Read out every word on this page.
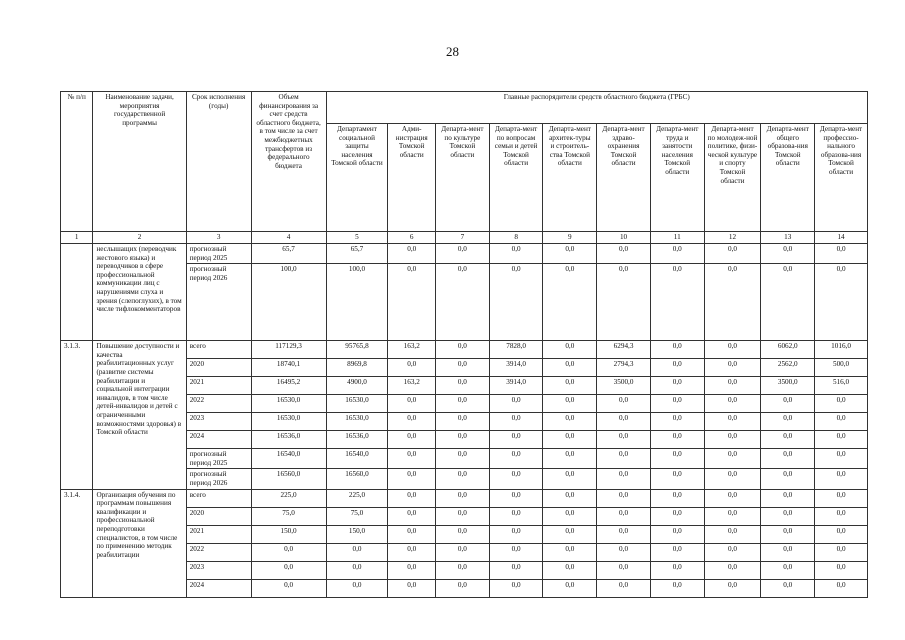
28
№ п/п	Наименование задачи, мероприятия государственной программы	Срок исполнения (годы)	Объем финансирования за счет средств областного бюджета, в том числе за счет межбюджетных трансфертов из федерального бюджета	Главные распорядители средств областного бюджета (ГРБС)									
				Департамент социальной защиты населения Томской области	Адми-нистрация Томской области	Департа-мент по культуре Томской области	Департа-мент по вопросам семьи и детей Томской области	Департа-мент архитек-туры и строитель-ства Томской области	Департа-мент здраво-охранения Томской области	Департа-мент труда и занятости населения Томской области	Департа-мент по молодеж-ной политике, физи-ческой культуре и спорту Томской области	Департа-мент общего образова-ния Томской области	Департа-мент профессио-нального образова-ния Томской области
1	2	3	4	5	6	7	8	9	10	11	12	13	14
	неслышащих (переводчик жестового языка) и переводчиков в сфере профессиональной коммуникации лиц с нарушениями слуха и зрения (слепоглухих), в том числе тифлокомментаторов	прогнозный период 2025	65,7	65,7	0,0	0,0	0,0	0,0	0,0	0,0	0,0	0,0	0,0
		прогнозный период 2026	100,0	100,0	0,0	0,0	0,0	0,0	0,0	0,0	0,0	0,0	0,0
3.1.3.	Повышение доступности и качества реабилитационных услуг (развитие системы реабилитации и социальной интеграции инвалидов, в том числе детей-инвалидов и детей с ограниченными возможностями здоровья) в Томской области	всего	117129,3	95765,8	163,2	0,0	7828,0	0,0	6294,3	0,0	0,0	6062,0	1016,0
		2020	18740,1	8969,8	0,0	0,0	3914,0	0,0	2794,3	0,0	0,0	2562,0	500,0
		2021	16495,2	4900,0	163,2	0,0	3914,0	0,0	3500,0	0,0	0,0	3500,0	516,0
		2022	16530,0	16530,0	0,0	0,0	0,0	0,0	0,0	0,0	0,0	0,0	0,0
		2023	16530,0	16530,0	0,0	0,0	0,0	0,0	0,0	0,0	0,0	0,0	0,0
		2024	16536,0	16536,0	0,0	0,0	0,0	0,0	0,0	0,0	0,0	0,0	0,0
		прогнозный период 2025	16540,0	16540,0	0,0	0,0	0,0	0,0	0,0	0,0	0,0	0,0	0,0
		прогнозный период 2026	16560,0	16560,0	0,0	0,0	0,0	0,0	0,0	0,0	0,0	0,0	0,0
3.1.4.	Организация обучения по программам повышения квалификации и профессиональной переподготовки специалистов, в том числе по применению методик реабилитации	всего	225,0	225,0	0,0	0,0	0,0	0,0	0,0	0,0	0,0	0,0	0,0
		2020	75,0	75,0	0,0	0,0	0,0	0,0	0,0	0,0	0,0	0,0	0,0
		2021	150,0	150,0	0,0	0,0	0,0	0,0	0,0	0,0	0,0	0,0	0,0
		2022	0,0	0,0	0,0	0,0	0,0	0,0	0,0	0,0	0,0	0,0	0,0
		2023	0,0	0,0	0,0	0,0	0,0	0,0	0,0	0,0	0,0	0,0	0,0
		2024	0,0	0,0	0,0	0,0	0,0	0,0	0,0	0,0	0,0	0,0	0,0
